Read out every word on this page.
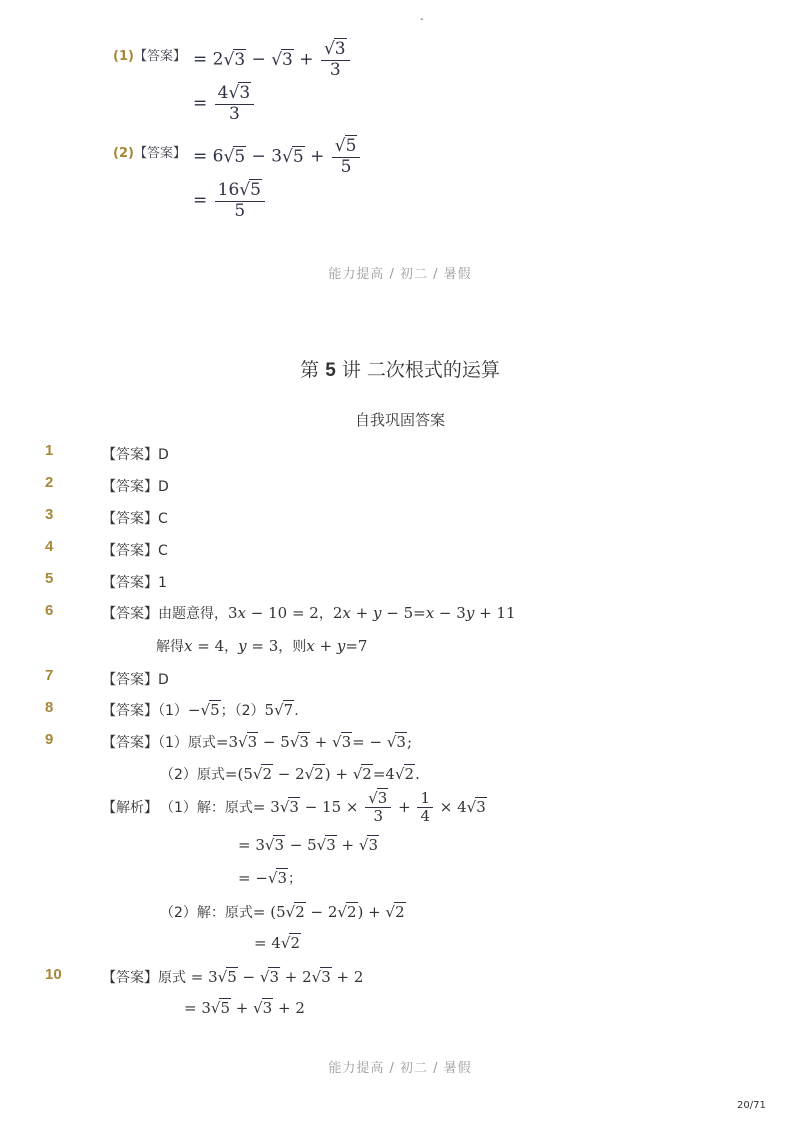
-
(1)【答案】 = $2√3 - √3 + \frac{√3}{3}$
= $\frac{4√3}{3}$
(2)【答案】 = $6√5 - 3√5 + \frac{√5}{5}$
= $\frac{16√5}{5}$
能力提高 / 初二 / 暑假
第 5 讲 二次根式的运算
自我巩固答案
1	【答案】D
2	【答案】D
3	【答案】C
4	【答案】C
5	【答案】1
6	【答案】由题意得，3x − 10 = 2，2x + y − 5=x − 3y + 11
解得x = 4，y = 3，则x + y=7
7	【答案】D
8	【答案】（1）−√5；（2）5√7.
9	【答案】（1）原式=3√3 − 5√3 + √3= − √3;
（2）原式=(5√2 − 2√2) + √2=4√2.
【解析】 （1）解：原式= $3√3 - 15 \times \frac{√3}{3} + \frac{1}{4} \times 4√3$
= 3√3 − 5√3 + √3
= −√3；
（2）解：原式= (5√2 − 2√2) + √2
= 4√2
10	【答案】原式 = 3√5 − √3 + 2√3 + 2
= 3√5 + √3 + 2
能力提高 / 初二 / 暑假
20/71
